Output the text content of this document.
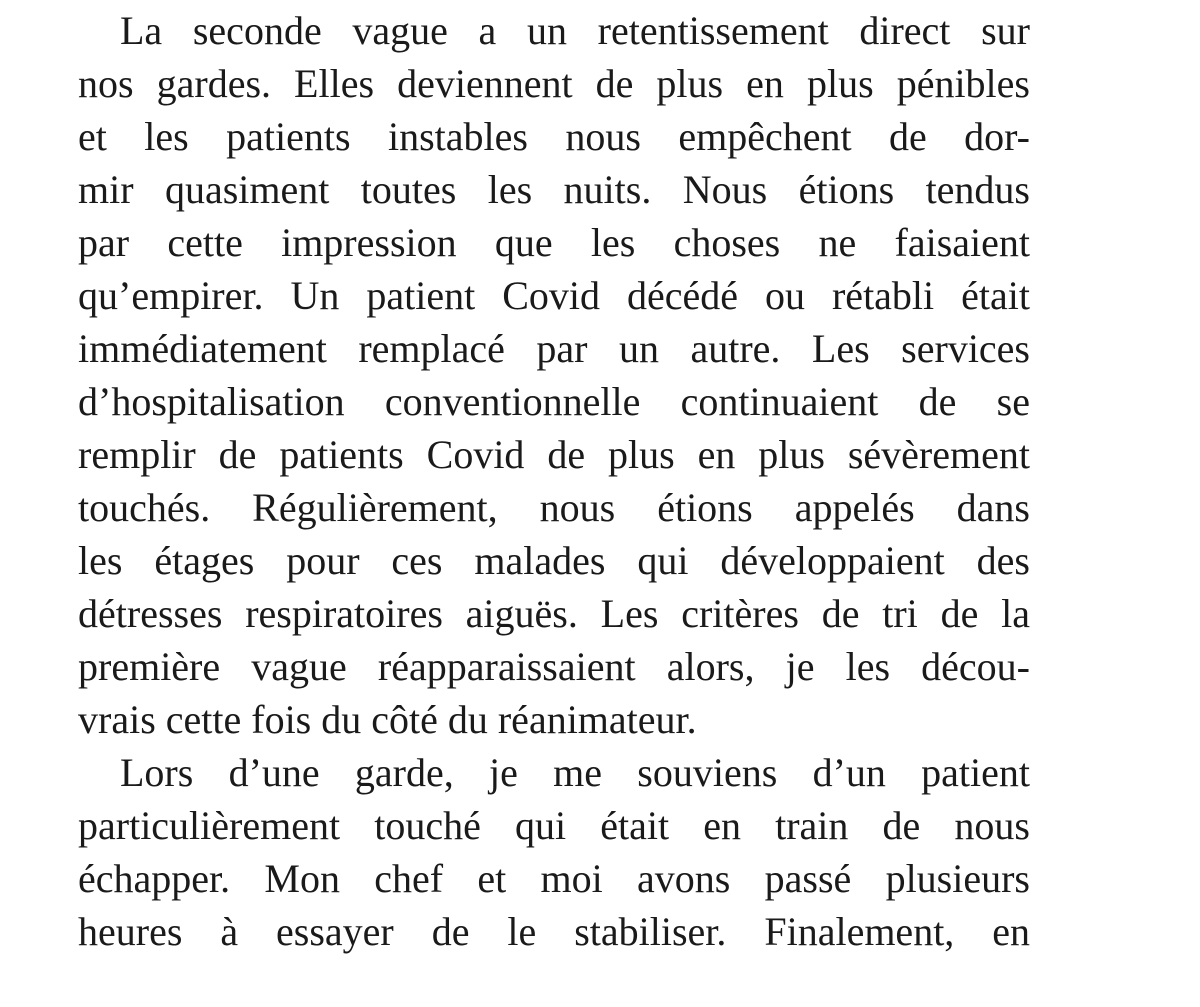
La seconde vague a un retentissement direct sur
nos gardes. Elles deviennent de plus en plus pénibles
et les patients instables nous empêchent de dor-
mir quasiment toutes les nuits. Nous étions tendus
par cette impression que les choses ne faisaient
qu’empirer. Un patient Covid décédé ou rétabli était
immédiatement remplacé par un autre. Les services
d’hospitalisation conventionnelle continuaient de se
remplir de patients Covid de plus en plus sévèrement
touchés. Régulièrement, nous étions appelés dans
les étages pour ces malades qui développaient des
détresses respiratoires aiguës. Les critères de tri de la
première vague réapparaissaient alors, je les décou-
vrais cette fois du côté du réanimateur.
Lors d’une garde, je me souviens d’un patient
particulièrement touché qui était en train de nous
échapper. Mon chef et moi avons passé plusieurs
heures à essayer de le stabiliser. Finalement, en
